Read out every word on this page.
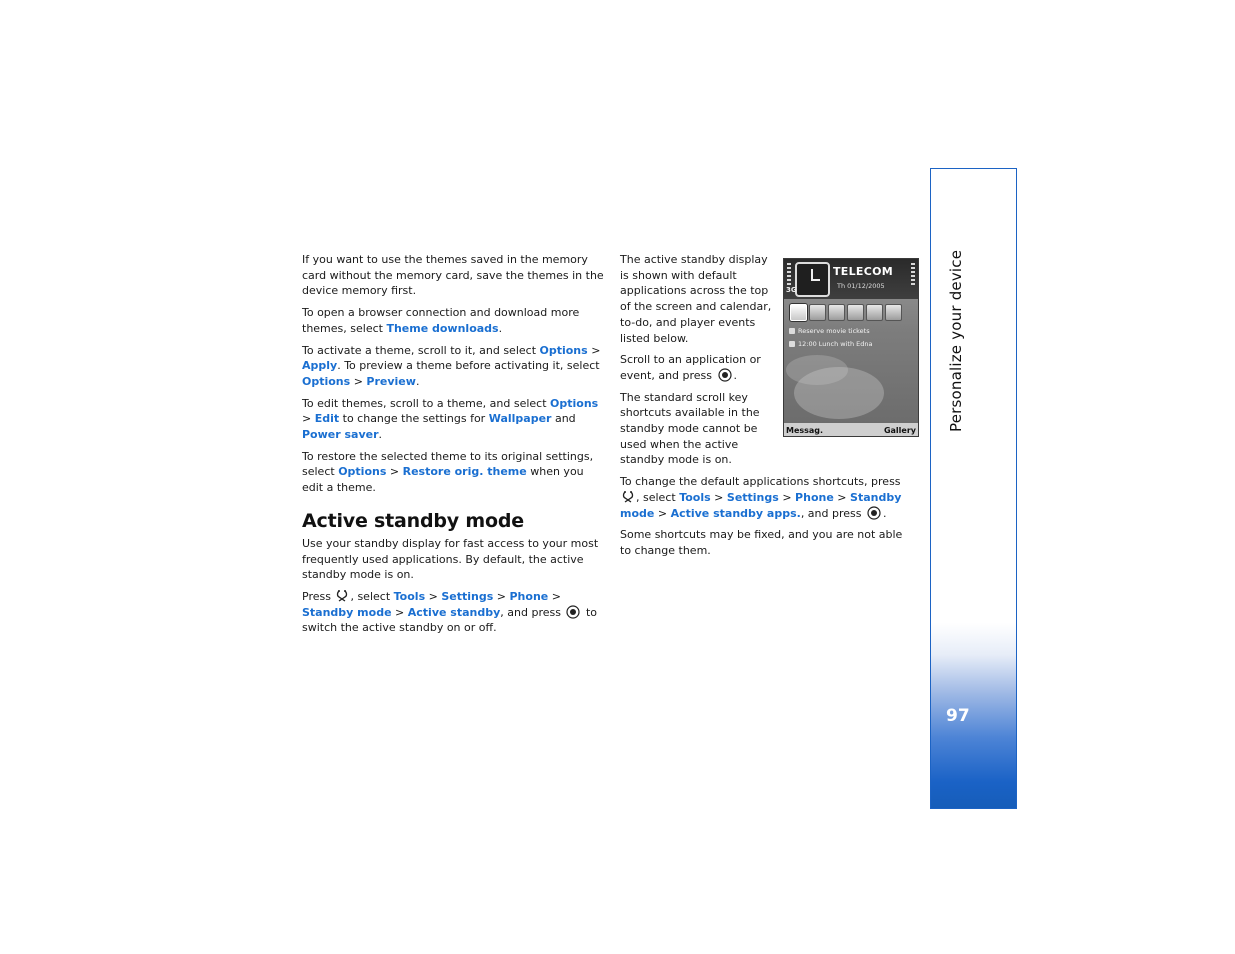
If you want to use the themes saved in the memory card without the memory card, save the themes in the device memory first.

To open a browser connection and download more themes, select Theme downloads.

To activate a theme, scroll to it, and select Options > Apply. To preview a theme before activating it, select Options > Preview.

To edit themes, scroll to a theme, and select Options > Edit to change the settings for Wallpaper and Power saver.

To restore the selected theme to its original settings, select Options > Restore orig. theme when you edit a theme.

Active standby mode

Use your standby display for fast access to your most frequently used applications. By default, the active standby mode is on.

Press , select Tools > Settings > Phone > Standby mode > Active standby, and press  to switch the active standby on or off.

The active standby display is shown with default applications across the top of the screen and calendar, to-do, and player events listed below.

Scroll to an application or event, and press .

The standard scroll key shortcuts available in the standby mode cannot be used when the active standby mode is on.

To change the default applications shortcuts, press , select Tools > Settings > Phone > Standby mode > Active standby apps., and press .

Some shortcuts may be fixed, and you are not able to change them.

3G
TELECOM
Th 01/12/2005
Reserve movie tickets
12:00 Lunch with Edna
Messag.	Gallery Personalize your device
97
